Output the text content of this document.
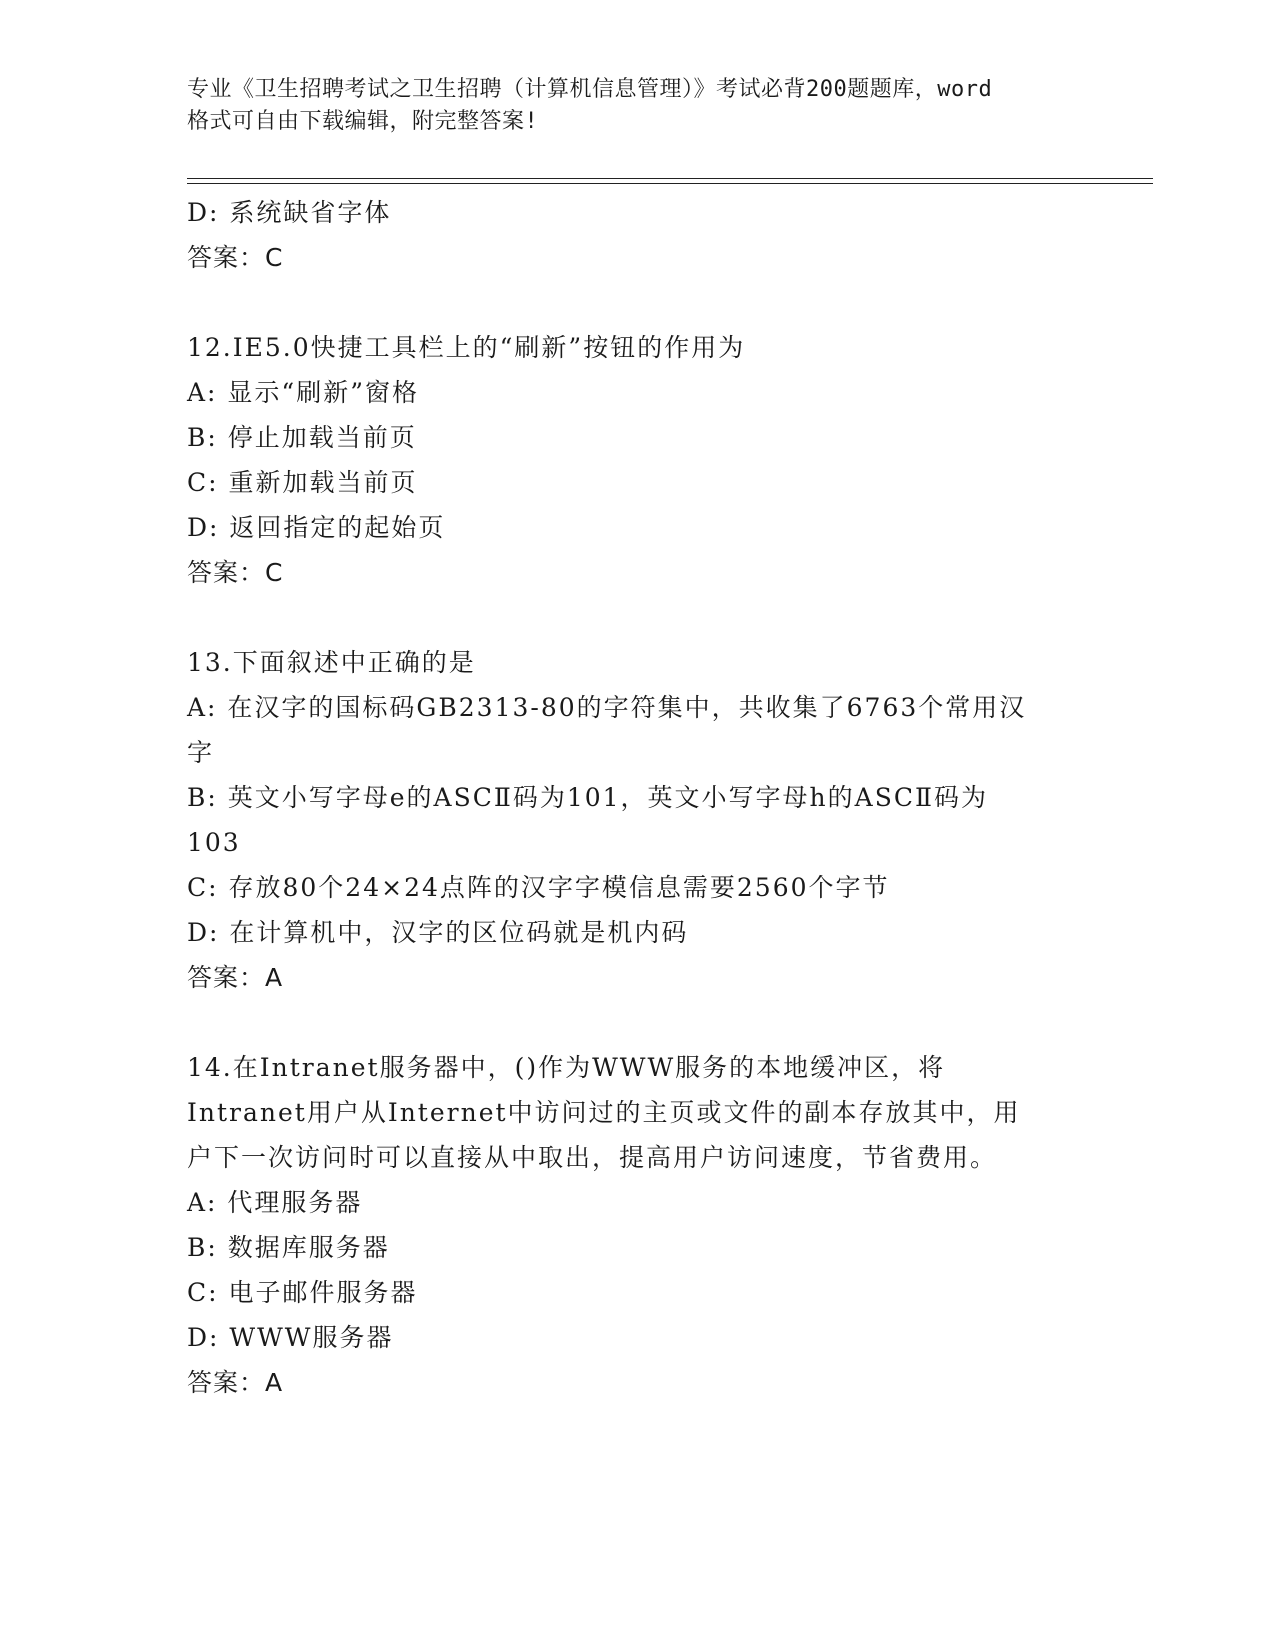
专业《卫生招聘考试之卫生招聘（计算机信息管理）》考试必背200题题库，word
格式可自由下载编辑，附完整答案!
D: 系统缺省字体
答案：C
12.IE5.0快捷工具栏上的“刷新”按钮的作用为
A: 显示“刷新”窗格
B: 停止加载当前页
C: 重新加载当前页
D: 返回指定的起始页
答案：C
13.下面叙述中正确的是
A: 在汉字的国标码GB2313-80的字符集中，共收集了6763个常用汉
字
B: 英文小写字母e的ASCⅡ码为101，英文小写字母h的ASCⅡ码为
103
C: 存放80个24×24点阵的汉字字模信息需要2560个字节
D: 在计算机中，汉字的区位码就是机内码
答案：A
14.在Intranet服务器中，()作为WWW服务的本地缓冲区，将
Intranet用户从Internet中访问过的主页或文件的副本存放其中，用
户下一次访问时可以直接从中取出，提高用户访问速度，节省费用。
A: 代理服务器
B: 数据库服务器
C: 电子邮件服务器
D: WWW服务器
答案：A
